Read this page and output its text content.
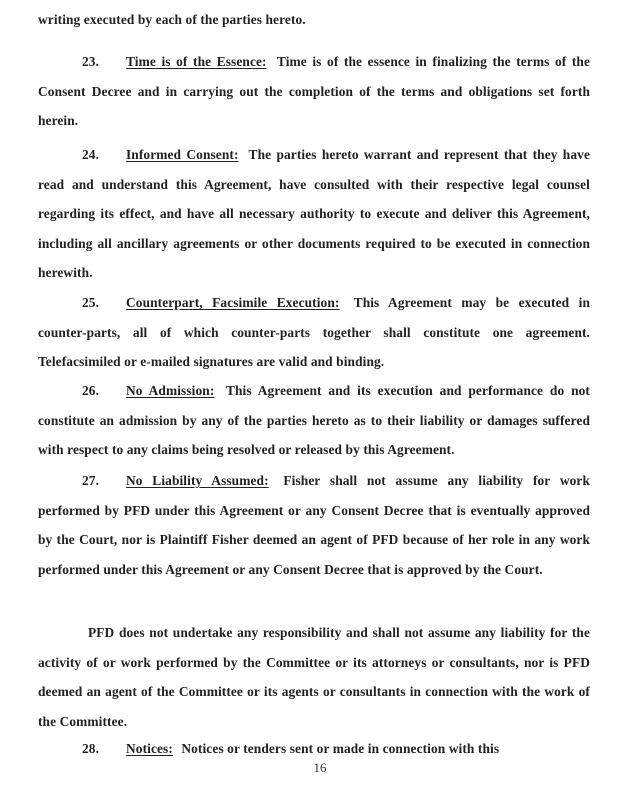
writing executed by each of the parties hereto.

23. Time is of the Essence: Time is of the essence in finalizing the terms of the Consent Decree and in carrying out the completion of the terms and obligations set forth herein.

24. Informed Consent: The parties hereto warrant and represent that they have read and understand this Agreement, have consulted with their respective legal counsel regarding its effect, and have all necessary authority to execute and deliver this Agreement, including all ancillary agreements or other documents required to be executed in connection herewith.

25. Counterpart, Facsimile Execution: This Agreement may be executed in counter-parts, all of which counter-parts together shall constitute one agreement. Telefacsimiled or e-mailed signatures are valid and binding.

26. No Admission: This Agreement and its execution and performance do not constitute an admission by any of the parties hereto as to their liability or damages suffered with respect to any claims being resolved or released by this Agreement.

27. No Liability Assumed: Fisher shall not assume any liability for work performed by PFD under this Agreement or any Consent Decree that is eventually approved by the Court, nor is Plaintiff Fisher deemed an agent of PFD because of her role in any work performed under this Agreement or any Consent Decree that is approved by the Court.

PFD does not undertake any responsibility and shall not assume any liability for the activity of or work performed by the Committee or its attorneys or consultants, nor is PFD deemed an agent of the Committee or its agents or consultants in connection with the work of the Committee.

28. Notices: Notices or tenders sent or made in connection with this

16
